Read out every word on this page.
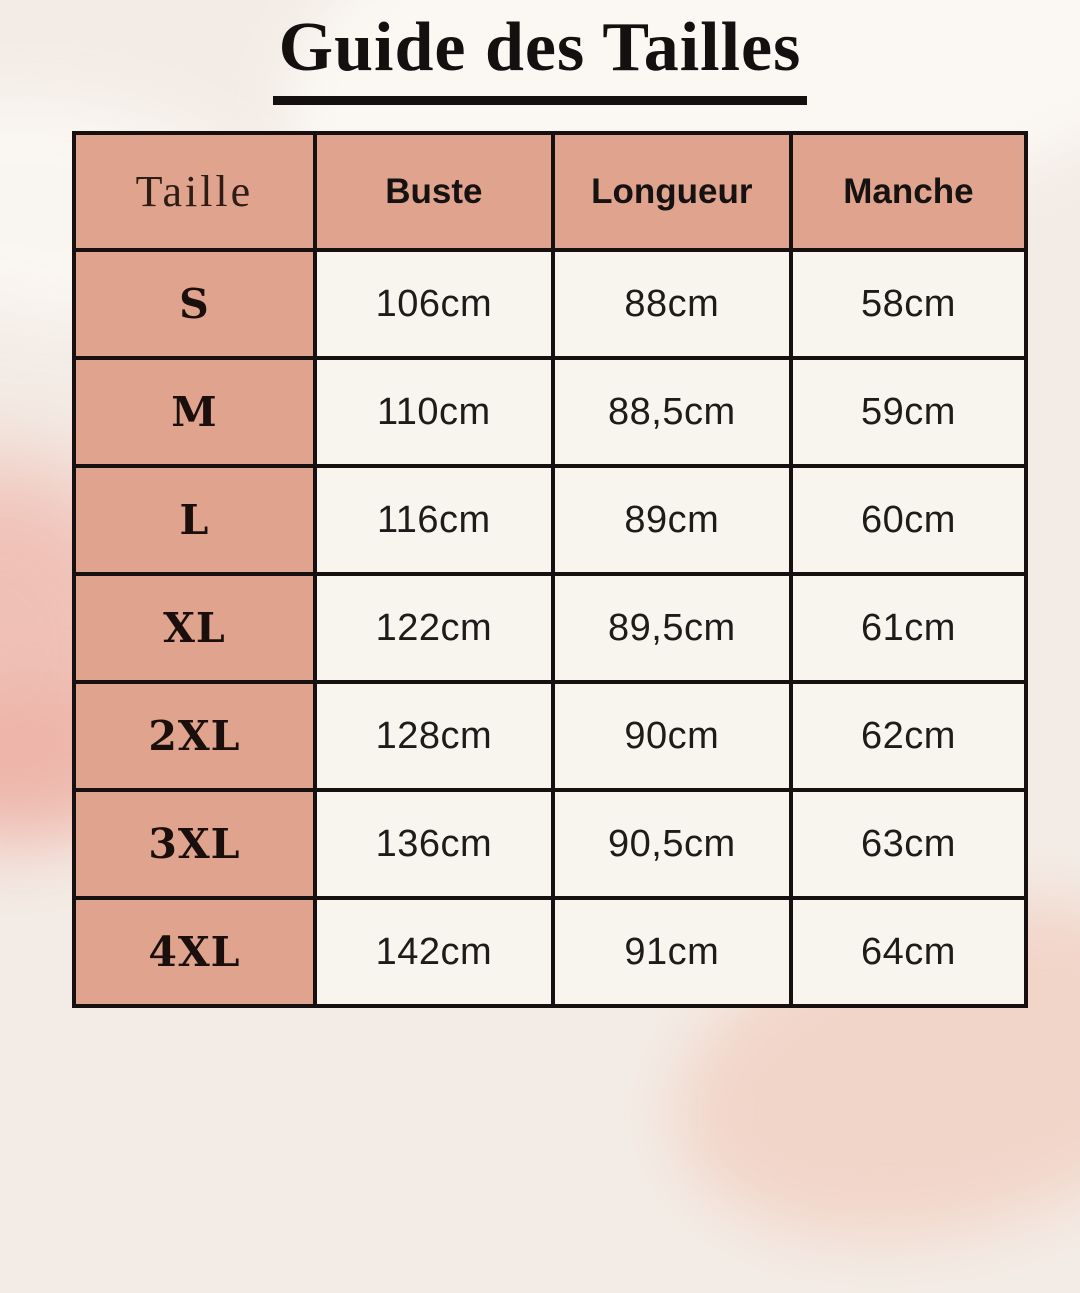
Guide des Tailles
Taille	Buste	Longueur	Manche
S	106cm	88cm	58cm
M	110cm	88,5cm	59cm
L	116cm	89cm	60cm
XL	122cm	89,5cm	61cm
2XL	128cm	90cm	62cm
3XL	136cm	90,5cm	63cm
4XL	142cm	91cm	64cm
